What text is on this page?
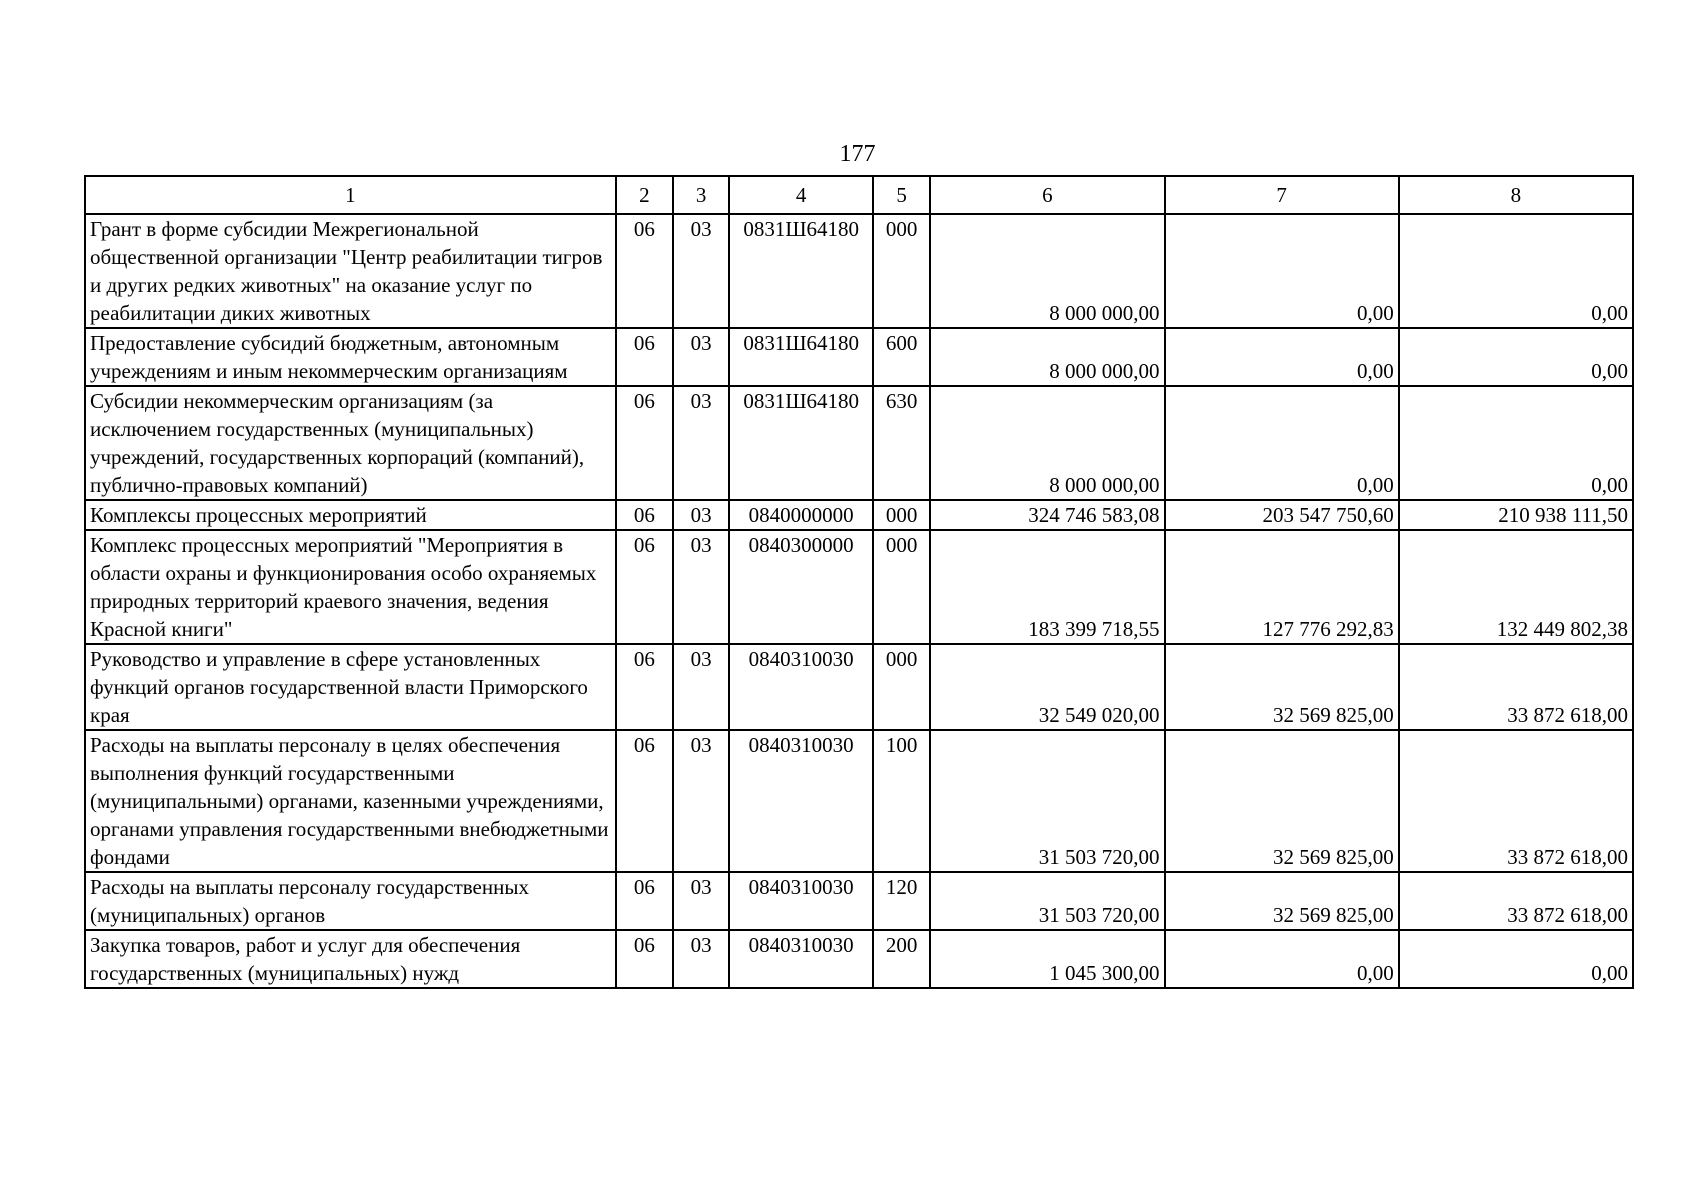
177
1	2	3	4	5	6	7	8
Грант в форме субсидии Межрегиональной общественной организации "Центр реабилитации тигров и других редких животных" на оказание услуг по реабилитации диких животных	06	03	0831Ш64180	000	8 000 000,00	0,00	0,00
Предоставление субсидий бюджетным, автономным учреждениям и иным некоммерческим организациям	06	03	0831Ш64180	600	8 000 000,00	0,00	0,00
Субсидии некоммерческим организациям (за исключением государственных (муниципальных) учреждений, государственных корпораций (компаний), публично-правовых компаний)	06	03	0831Ш64180	630	8 000 000,00	0,00	0,00
Комплексы процессных мероприятий	06	03	0840000000	000	324 746 583,08	203 547 750,60	210 938 111,50
Комплекс процессных мероприятий "Мероприятия в области охраны и функционирования особо охраняемых природных территорий краевого значения, ведения Красной книги"	06	03	0840300000	000	183 399 718,55	127 776 292,83	132 449 802,38
Руководство и управление в сфере установленных функций органов государственной власти Приморского края	06	03	0840310030	000	32 549 020,00	32 569 825,00	33 872 618,00
Расходы на выплаты персоналу в целях обеспечения выполнения функций государственными (муниципальными) органами, казенными учреждениями, органами управления государственными внебюджетными фондами	06	03	0840310030	100	31 503 720,00	32 569 825,00	33 872 618,00
Расходы на выплаты персоналу государственных (муниципальных) органов	06	03	0840310030	120	31 503 720,00	32 569 825,00	33 872 618,00
Закупка товаров, работ и услуг для обеспечения государственных (муниципальных) нужд	06	03	0840310030	200	1 045 300,00	0,00	0,00
